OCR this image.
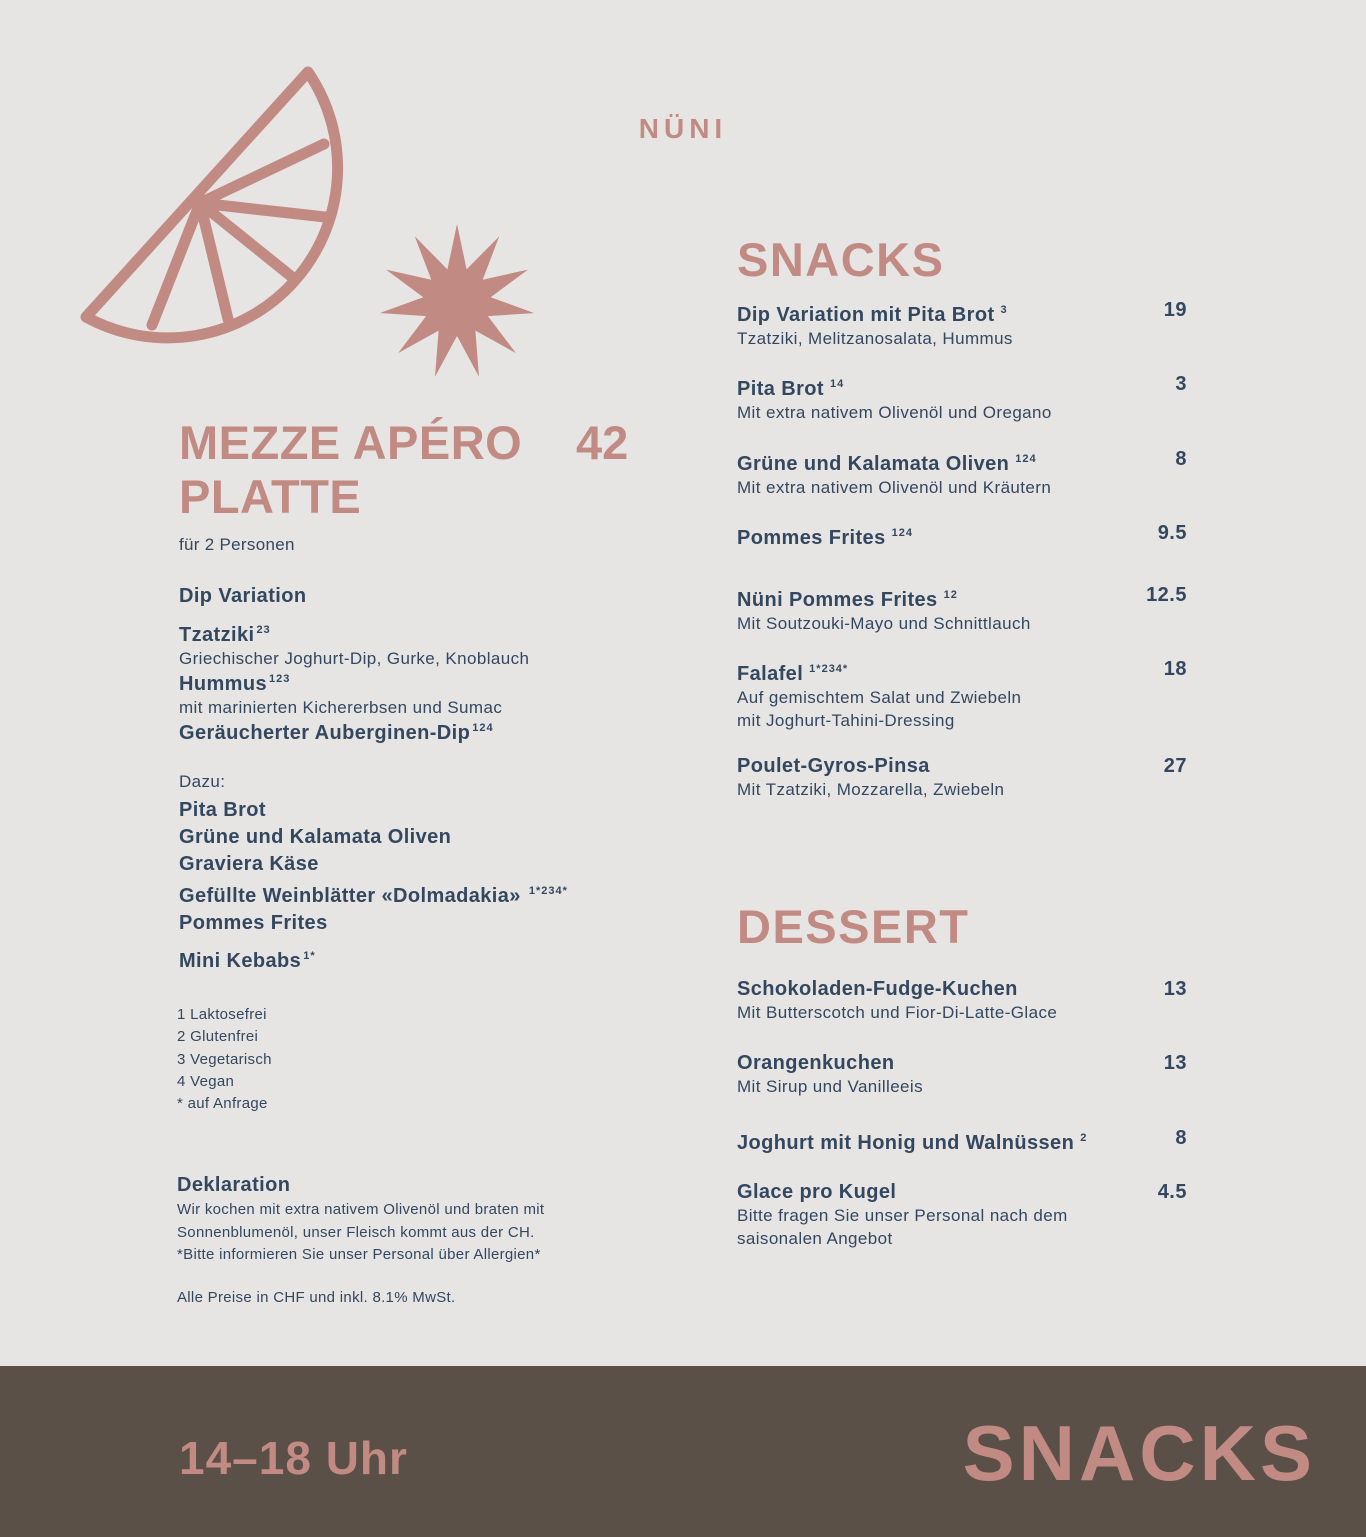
NÜNI
MEZZE APÉRO PLATTE
42
für 2 Personen
Dip Variation
Tzatziki $^{23}$
Griechischer Joghurt-Dip, Gurke, Knoblauch
Hummus $^{123}$
mit marinierten Kichererbsen und Sumac
Geräucherter Auberginen-Dip $^{124}$
Dazu:
Pita Brot
Grüne und Kalamata Oliven
Graviera Käse
Gefüllte Weinblätter «Dolmadakia» $^{1*234*}$
Pommes Frites
Mini Kebabs $^{1*}$
1 Laktosefrei
2 Glutenfrei
3 Vegetarisch
4 Vegan
* auf Anfrage
Deklaration
Wir kochen mit extra nativem Olivenöl und braten mit
Sonnenblumenöl, unser Fleisch kommt aus der CH.
*Bitte informieren Sie unser Personal über Allergien*
Alle Preise in CHF und inkl. 8.1% MwSt.
SNACKS
Dip Variation mit Pita Brot $^3$
Tzatziki, Melitzanosalata, Hummus
19
Pita Brot $^{14}$
Mit extra nativem Olivenöl und Oregano
3
Grüne und Kalamata Oliven $^{124}$
Mit extra nativem Olivenöl und Kräutern
8
Pommes Frites $^{124}$	9.5
Nüni Pommes Frites $^{12}$
Mit Soutzouki-Mayo und Schnittlauch
12.5
Falafel $^{1*234*}$
Auf gemischtem Salat und Zwiebeln
mit Joghurt-Tahini-Dressing
18
Poulet-Gyros-Pinsa
Mit Tzatziki, Mozzarella, Zwiebeln
27
DESSERT
Schokoladen-Fudge-Kuchen
Mit Butterscotch und Fior-Di-Latte-Glace
13
Orangenkuchen
Mit Sirup und Vanilleeis
13
Joghurt mit Honig und Walnüssen $^2$	8
Glace pro Kugel
Bitte fragen Sie unser Personal nach dem
saisonalen Angebot
4.5
14–18 Uhr	SNACKS
